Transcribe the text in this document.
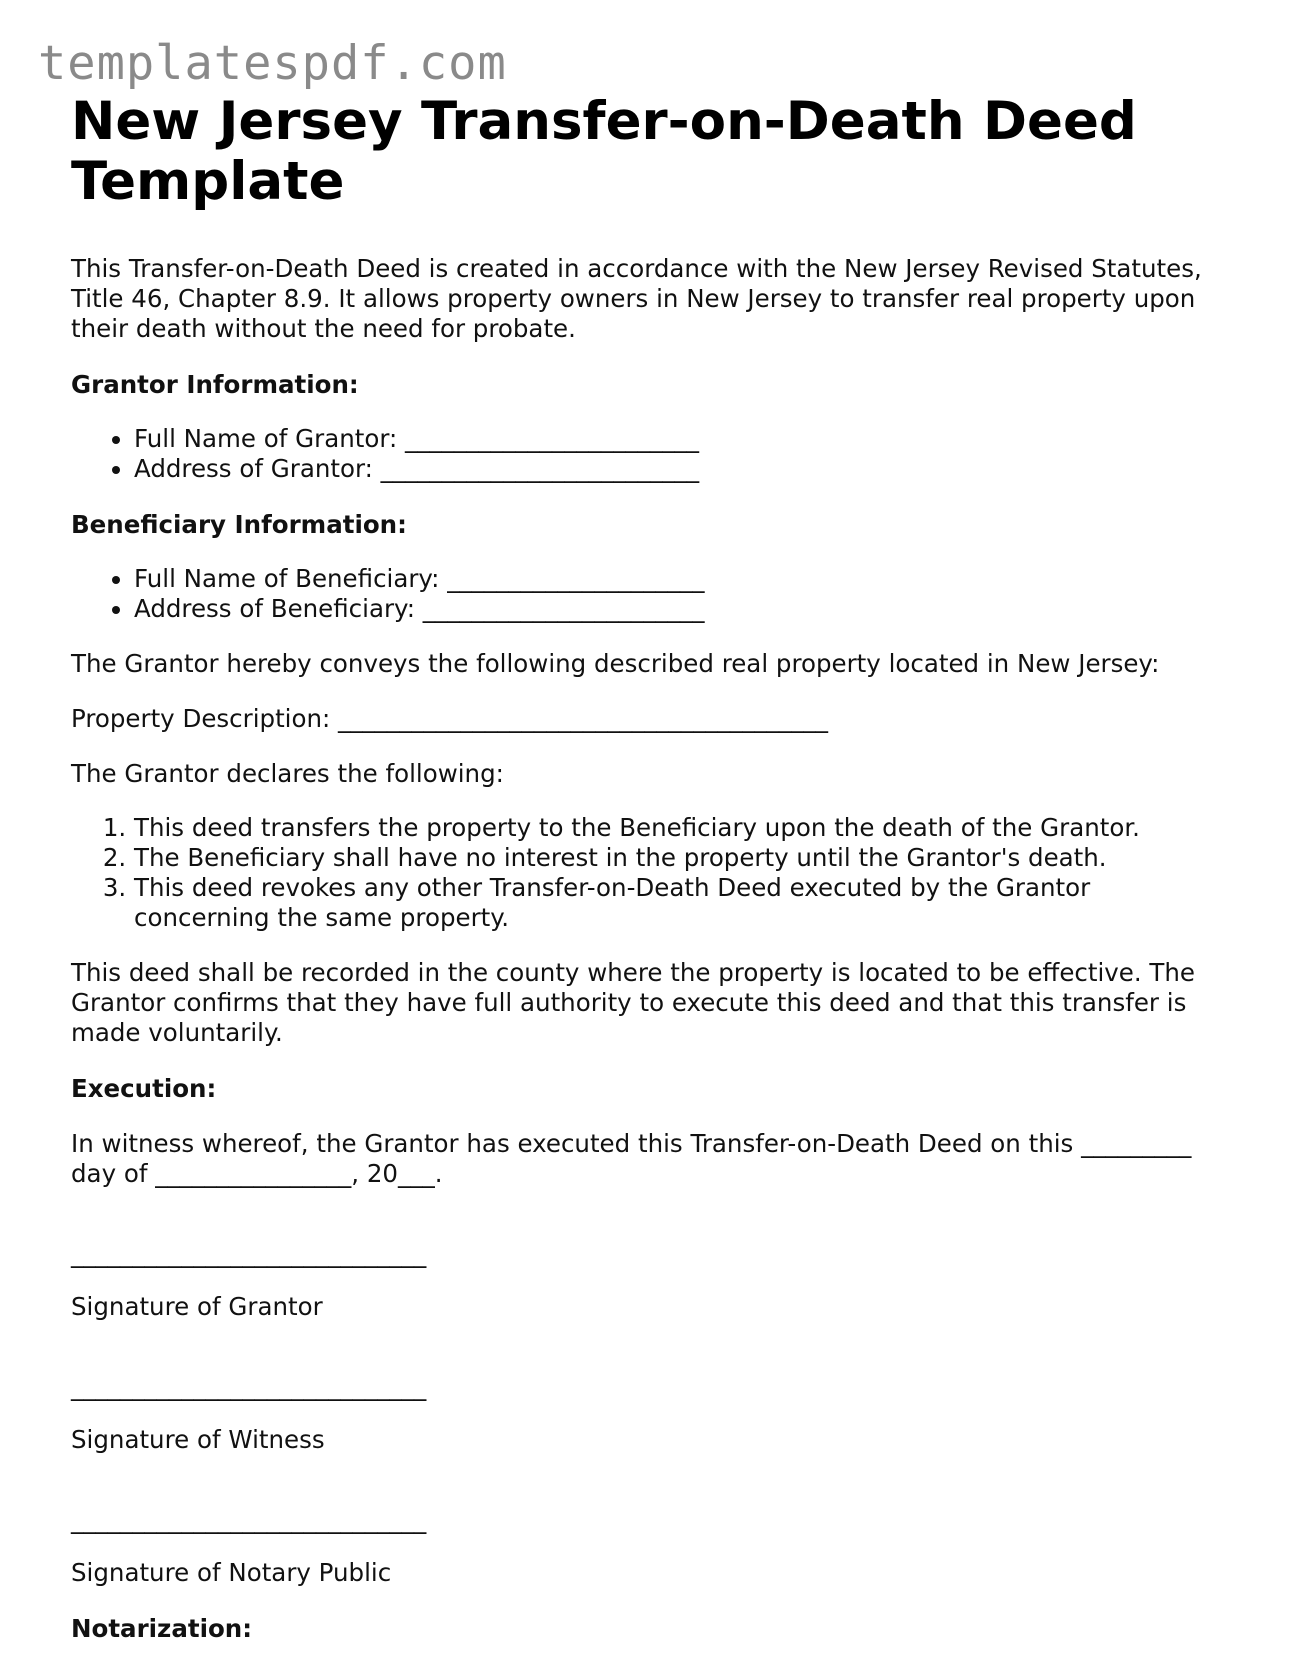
templatespdf.com
New Jersey Transfer-on-Death Deed Template

This Transfer-on-Death Deed is created in accordance with the New Jersey Revised Statutes, Title 46, Chapter 8.9. It allows property owners in New Jersey to transfer real property upon their death without the need for probate.

Grantor Information:

• Full Name of Grantor: ________________________
• Address of Grantor: __________________________

Beneficiary Information:

• Full Name of Beneficiary: _____________________
• Address of Beneficiary: _______________________

The Grantor hereby conveys the following described real property located in New Jersey:

Property Description: ________________________________________

The Grantor declares the following:

1. This deed transfers the property to the Beneficiary upon the death of the Grantor.
2. The Beneficiary shall have no interest in the property until the Grantor's death.
3. This deed revokes any other Transfer-on-Death Deed executed by the Grantor concerning the same property.

This deed shall be recorded in the county where the property is located to be effective. The Grantor confirms that they have full authority to execute this deed and that this transfer is made voluntarily.

Execution:

In witness whereof, the Grantor has executed this Transfer-on-Death Deed on this _________ day of ________________, 20___.

_____________________________

Signature of Grantor

_____________________________

Signature of Witness

_____________________________

Signature of Notary Public

Notarization:
